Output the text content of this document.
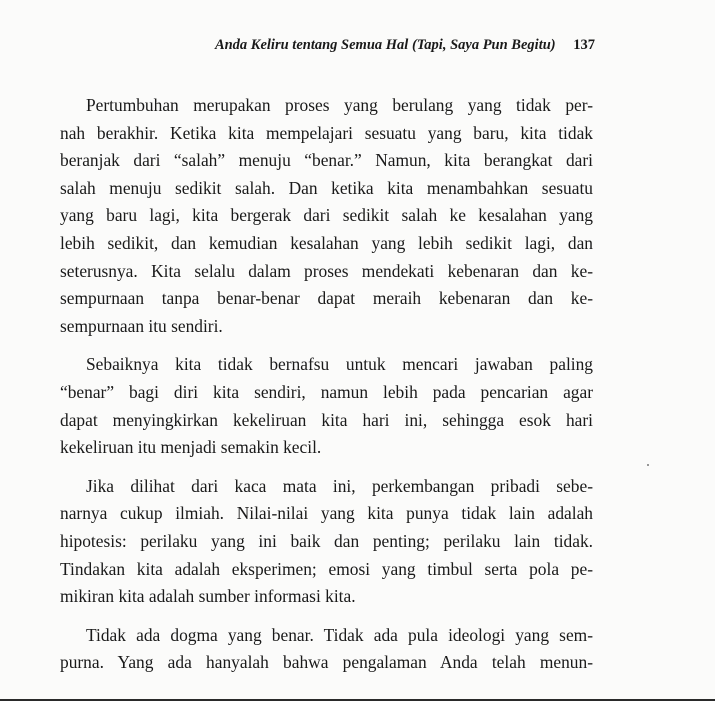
Anda Keliru tentang Semua Hal (Tapi, Saya Pun Begitu) 137

Pertumbuhan merupakan proses yang berulang yang tidak per-
nah berakhir. Ketika kita mempelajari sesuatu yang baru, kita tidak
beranjak dari “salah” menuju “benar.” Namun, kita berangkat dari
salah menuju sedikit salah. Dan ketika kita menambahkan sesuatu
yang baru lagi, kita bergerak dari sedikit salah ke kesalahan yang
lebih sedikit, dan kemudian kesalahan yang lebih sedikit lagi, dan
seterusnya. Kita selalu dalam proses mendekati kebenaran dan ke-
sempurnaan tanpa benar-benar dapat meraih kebenaran dan ke-
sempurnaan itu sendiri.

Sebaiknya kita tidak bernafsu untuk mencari jawaban paling
“benar” bagi diri kita sendiri, namun lebih pada pencarian agar
dapat menyingkirkan kekeliruan kita hari ini, sehingga esok hari
kekeliruan itu menjadi semakin kecil.

Jika dilihat dari kaca mata ini, perkembangan pribadi sebe-
narnya cukup ilmiah. Nilai-nilai yang kita punya tidak lain adalah
hipotesis: perilaku yang ini baik dan penting; perilaku lain tidak.
Tindakan kita adalah eksperimen; emosi yang timbul serta pola pe-
mikiran kita adalah sumber informasi kita.

Tidak ada dogma yang benar. Tidak ada pula ideologi yang sem-
purna. Yang ada hanyalah bahwa pengalaman Anda telah menun-
